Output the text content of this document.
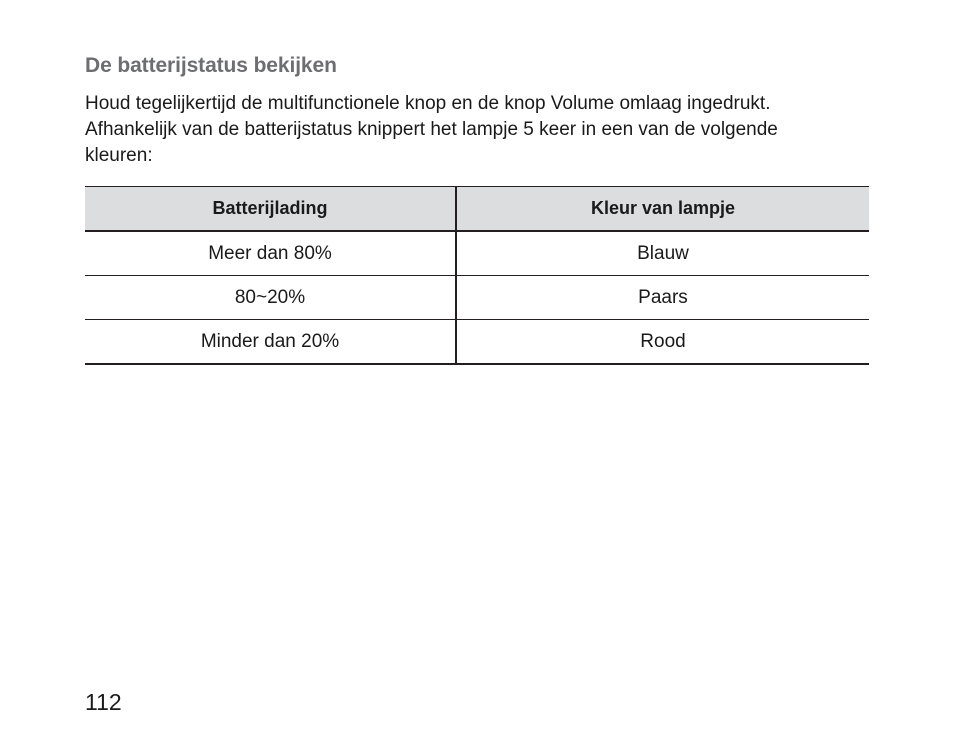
De batterijstatus bekijken

Houd tegelijkertijd de multifunctionele knop en de knop Volume omlaag ingedrukt.

Afhankelijk van de batterijstatus knippert het lampje 5 keer in een van de volgende

kleuren:

Batterijlading	Kleur van lampje
Meer dan 80%	Blauw
80~20%	Paars
Minder dan 20%	Rood
112
